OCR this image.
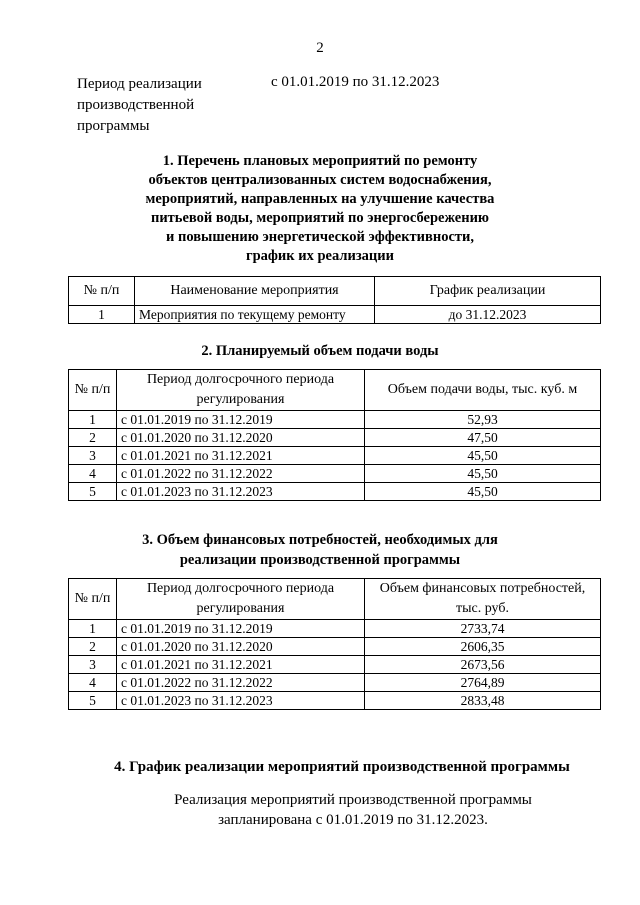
2
Период реализации производственной программы
с 01.01.2019 по 31.12.2023
1. Перечень плановых мероприятий по ремонту
объектов централизованных систем водоснабжения,
мероприятий, направленных на улучшение качества
питьевой воды, мероприятий по энергосбережению
и повышению энергетической эффективности,
график их реализации
№ п/п	Наименование мероприятия	График реализации
1	Мероприятия по текущему ремонту	до 31.12.2023
2. Планируемый объем подачи воды
№ п/п	Период долгосрочного периода регулирования	Объем подачи воды, тыс. куб. м
1	с 01.01.2019 по 31.12.2019	52,93
2	с 01.01.2020 по 31.12.2020	47,50
3	с 01.01.2021 по 31.12.2021	45,50
4	с 01.01.2022 по 31.12.2022	45,50
5	с 01.01.2023 по 31.12.2023	45,50
3. Объем финансовых потребностей, необходимых для
реализации производственной программы
№ п/п	Период долгосрочного периода регулирования	Объем финансовых потребностей, тыс. руб.
1	с 01.01.2019 по 31.12.2019	2733,74
2	с 01.01.2020 по 31.12.2020	2606,35
3	с 01.01.2021 по 31.12.2021	2673,56
4	с 01.01.2022 по 31.12.2022	2764,89
5	с 01.01.2023 по 31.12.2023	2833,48
4. График реализации мероприятий производственной программы
Реализация мероприятий производственной программы
запланирована с 01.01.2019 по 31.12.2023.
